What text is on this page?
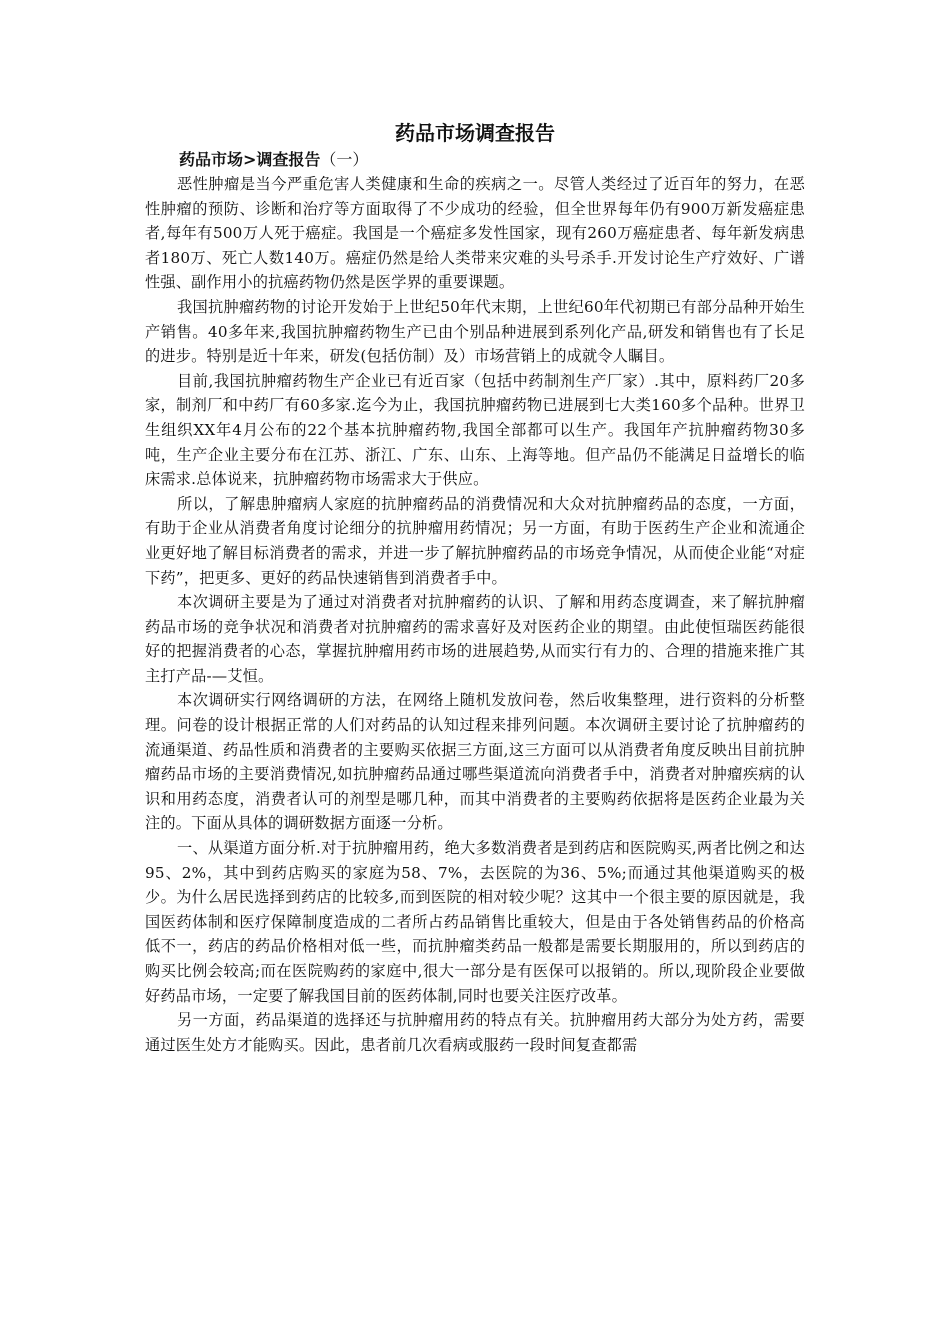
药品市场调查报告
药品市场>调查报告（一）

恶性肿瘤是当今严重危害人类健康和生命的疾病之一。尽管人类经过了近百年的努力，在恶性肿瘤的预防、诊断和治疗等方面取得了不少成功的经验，但全世界每年仍有900万新发癌症患者,每年有500万人死于癌症。我国是一个癌症多发性国家，现有260万癌症患者、每年新发病患者180万、死亡人数140万。癌症仍然是给人类带来灾难的头号杀手.开发讨论生产疗效好、广谱性强、副作用小的抗癌药物仍然是医学界的重要课题。

我国抗肿瘤药物的讨论开发始于上世纪50年代末期，上世纪60年代初期已有部分品种开始生产销售。40多年来,我国抗肿瘤药物生产已由个别品种进展到系列化产品,研发和销售也有了长足的进步。特别是近十年来，研发(包括仿制）及）市场营销上的成就令人瞩目。

目前,我国抗肿瘤药物生产企业已有近百家（包括中药制剂生产厂家）.其中，原料药厂20多家，制剂厂和中药厂有60多家.迄今为止，我国抗肿瘤药物已进展到七大类160多个品种。世界卫生组织XX年4月公布的22个基本抗肿瘤药物,我国全部都可以生产。我国年产抗肿瘤药物30多吨，生产企业主要分布在江苏、浙江、广东、山东、上海等地。但产品仍不能满足日益增长的临床需求.总体说来，抗肿瘤药物市场需求大于供应。

所以，了解患肿瘤病人家庭的抗肿瘤药品的消费情况和大众对抗肿瘤药品的态度，一方面，有助于企业从消费者角度讨论细分的抗肿瘤用药情况；另一方面，有助于医药生产企业和流通企业更好地了解目标消费者的需求，并进一步了解抗肿瘤药品的市场竞争情况，从而使企业能“对症下药”，把更多、更好的药品快速销售到消费者手中。

本次调研主要是为了通过对消费者对抗肿瘤药的认识、了解和用药态度调查，来了解抗肿瘤药品市场的竞争状况和消费者对抗肿瘤药的需求喜好及对医药企业的期望。由此使恒瑞医药能很好的把握消费者的心态，掌握抗肿瘤用药市场的进展趋势,从而实行有力的、合理的措施来推广其主打产品-—艾恒。

本次调研实行网络调研的方法，在网络上随机发放问卷，然后收集整理，进行资料的分析整理。问卷的设计根据正常的人们对药品的认知过程来排列问题。本次调研主要讨论了抗肿瘤药的流通渠道、药品性质和消费者的主要购买依据三方面,这三方面可以从消费者角度反映出目前抗肿瘤药品市场的主要消费情况,如抗肿瘤药品通过哪些渠道流向消费者手中，消费者对肿瘤疾病的认识和用药态度，消费者认可的剂型是哪几种，而其中消费者的主要购药依据将是医药企业最为关注的。下面从具体的调研数据方面逐一分析。

一、从渠道方面分析.对于抗肿瘤用药，绝大多数消费者是到药店和医院购买,两者比例之和达95、2%，其中到药店购买的家庭为58、7%，去医院的为36、5%;而通过其他渠道购买的极少。为什么居民选择到药店的比较多,而到医院的相对较少呢？这其中一个很主要的原因就是，我国医药体制和医疗保障制度造成的二者所占药品销售比重较大，但是由于各处销售药品的价格高低不一，药店的药品价格相对低一些，而抗肿瘤类药品一般都是需要长期服用的，所以到药店的购买比例会较高;而在医院购药的家庭中,很大一部分是有医保可以报销的。所以,现阶段企业要做好药品市场，一定要了解我国目前的医药体制,同时也要关注医疗改革。

另一方面，药品渠道的选择还与抗肿瘤用药的特点有关。抗肿瘤用药大部分为处方药，需要通过医生处方才能购买。因此，患者前几次看病或服药一段时间复查都需
